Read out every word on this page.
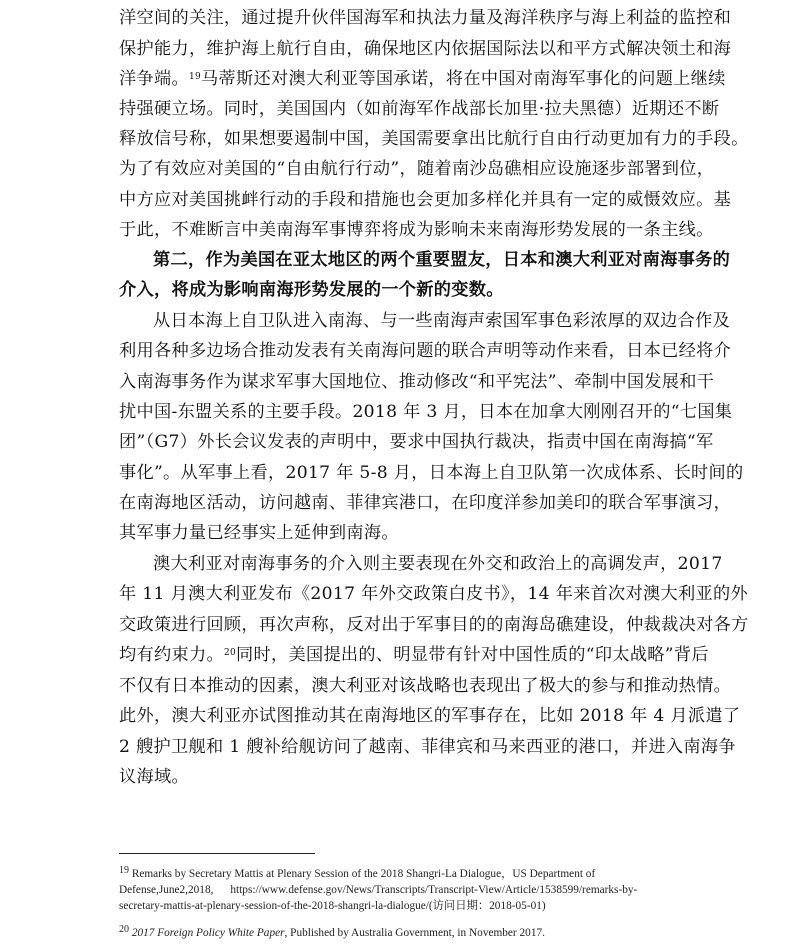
洋空间的关注，通过提升伙伴国海军和执法力量及海洋秩序与海上利益的监控和
保护能力，维护海上航行自由，确保地区内依据国际法以和平方式解决领土和海
洋争端。$^{19}$马蒂斯还对澳大利亚等国承诺，将在中国对南海军事化的问题上继续
持强硬立场。同时，美国国内（如前海军作战部长加里·拉夫黑德）近期还不断
释放信号称，如果想要遏制中国，美国需要拿出比航行自由行动更加有力的手段。
为了有效应对美国的“自由航行行动”，随着南沙岛礁相应设施逐步部署到位，
中方应对美国挑衅行动的手段和措施也会更加多样化并具有一定的威慑效应。基
于此，不难断言中美南海军事博弈将成为影响未来南海形势发展的一条主线。
第二，作为美国在亚太地区的两个重要盟友，日本和澳大利亚对南海事务的
介入，将成为影响南海形势发展的一个新的变数。
从日本海上自卫队进入南海、与一些南海声索国军事色彩浓厚的双边合作及
利用各种多边场合推动发表有关南海问题的联合声明等动作来看，日本已经将介
入南海事务作为谋求军事大国地位、推动修改“和平宪法”、牵制中国发展和干
扰中国-东盟关系的主要手段。2018 年 3 月，日本在加拿大刚刚召开的“七国集
团”（G7）外长会议发表的声明中，要求中国执行裁决，指责中国在南海搞“军
事化”。从军事上看，2017 年 5-8 月，日本海上自卫队第一次成体系、长时间的
在南海地区活动，访问越南、菲律宾港口，在印度洋参加美印的联合军事演习，
其军事力量已经事实上延伸到南海。
澳大利亚对南海事务的介入则主要表现在外交和政治上的高调发声，2017
年 11 月澳大利亚发布《2017 年外交政策白皮书》，14 年来首次对澳大利亚的外
交政策进行回顾，再次声称，反对出于军事目的的南海岛礁建设，仲裁裁决对各方
均有约束力。$^{20}$同时，美国提出的、明显带有针对中国性质的“印太战略”背后
不仅有日本推动的因素，澳大利亚对该战略也表现出了极大的参与和推动热情。
此外，澳大利亚亦试图推动其在南海地区的军事存在，比如 2018 年 4 月派遣了
2 艘护卫舰和 1 艘补给舰访问了越南、菲律宾和马来西亚的港口，并进入南海争
议海域。
19 Remarks by Secretary Mattis at Plenary Session of the 2018 Shangri-La Dialogue，US Department of
Defense,June2,2018,      https://www.defense.gov/News/Transcripts/Transcript-View/Article/1538599/remarks-by-
secretary-mattis-at-plenary-session-of-the-2018-shangri-la-dialogue/(访问日期：2018-05-01)
20 2017 Foreign Policy White Paper, Published by Australia Government, in November 2017.
